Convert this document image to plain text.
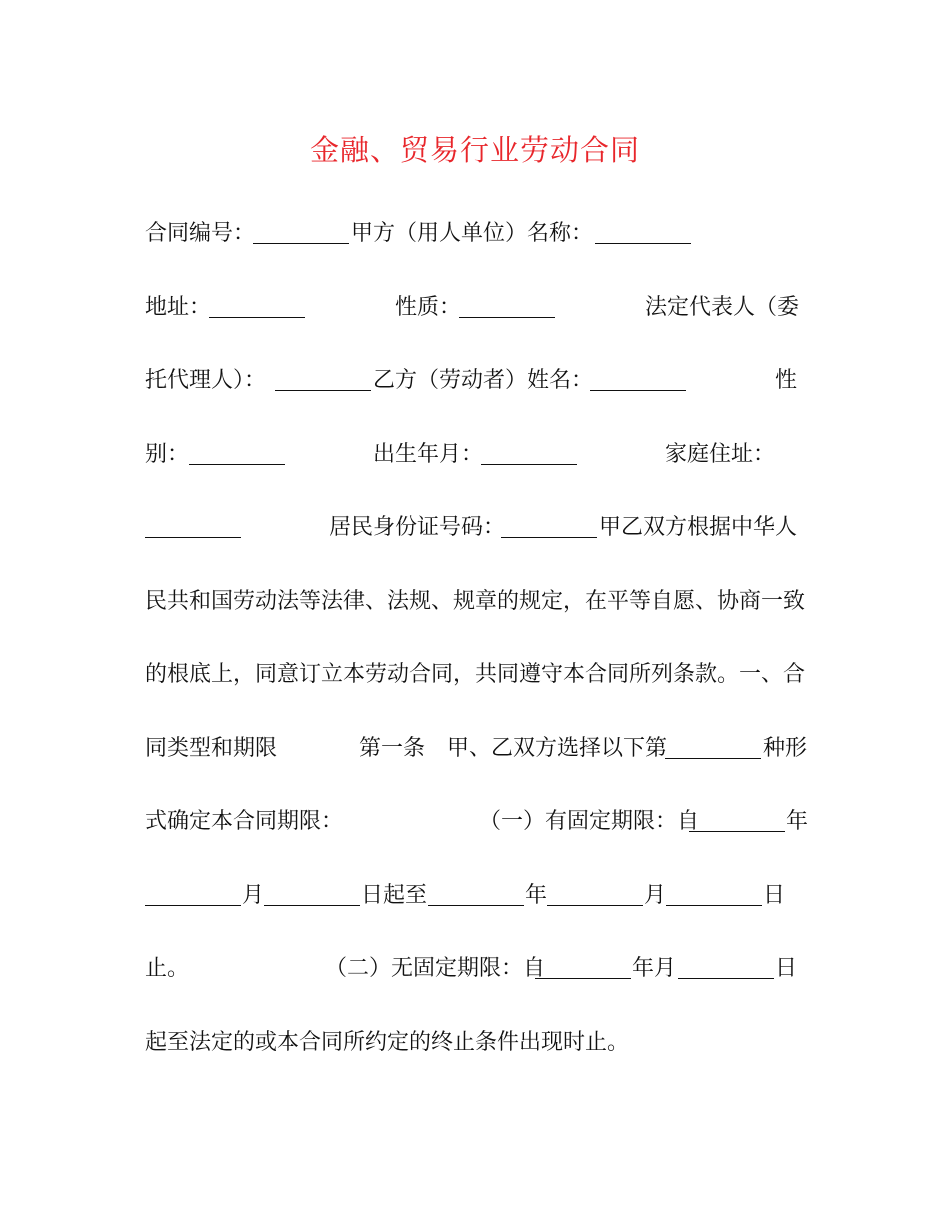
金融、贸易行业劳动合同
合同编号：	甲方（用人单位）名称：
地址：	性质：	法定代表人（委
托代理人）：	乙方（劳动者）姓名：	性
别：	出生年月：	家庭住址：
居民身份证号码：	甲乙双方根据中华人
民共和国劳动法等法律、法规、规章的规定，在平等自愿、协商一致
的根底上，同意订立本劳动合同，共同遵守本合同所列条款。一、合
同类型和期限	第一条　甲、乙双方选择以下第	种形
式确定本合同期限：	（一）有固定期限：自	年
月	日起至	年	月	日
止。	（二）无固定期限：自	年月	日
起至法定的或本合同所约定的终止条件出现时止。
